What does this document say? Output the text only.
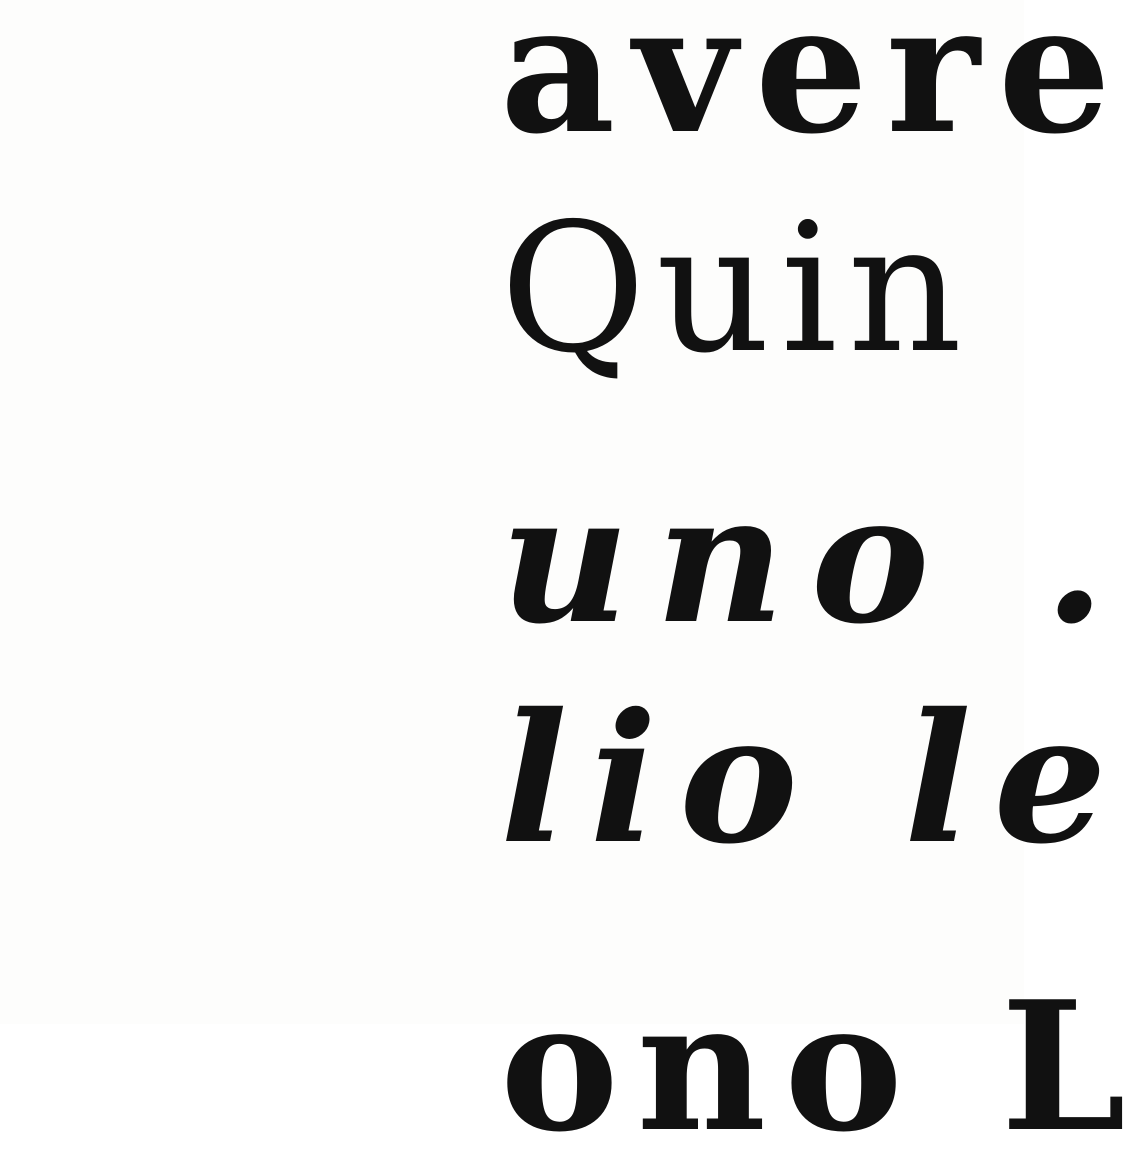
avere
Quin
uno .
lio le
ono L
